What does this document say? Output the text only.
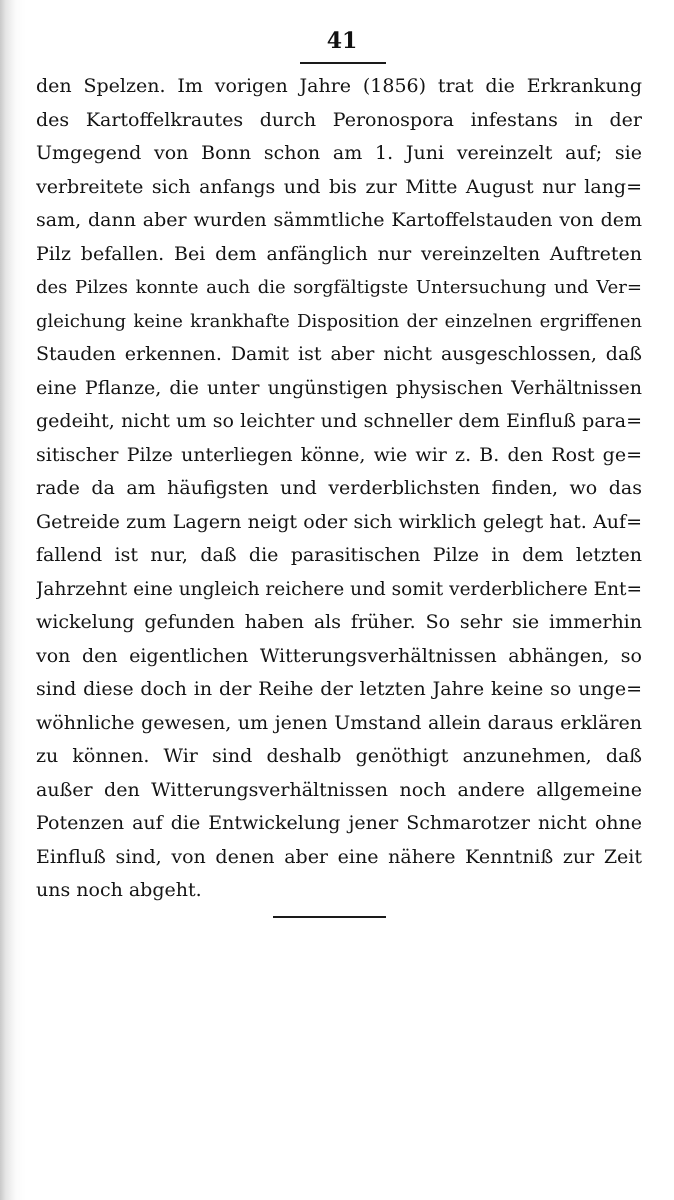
41
den Spelzen. Im vorigen Jahre (1856) trat die Erkrankung
des Kartoffelkrautes durch Peronospora infestans in der
Umgegend von Bonn schon am 1. Juni vereinzelt auf; sie
verbreitete sich anfangs und bis zur Mitte August nur lang=
sam, dann aber wurden sämmtliche Kartoffelstauden von dem
Pilz befallen. Bei dem anfänglich nur vereinzelten Auftreten
des Pilzes konnte auch die sorgfältigste Untersuchung und Ver=
gleichung keine krankhafte Disposition der einzelnen ergriffenen
Stauden erkennen. Damit ist aber nicht ausgeschlossen, daß
eine Pflanze, die unter ungünstigen physischen Verhältnissen
gedeiht, nicht um so leichter und schneller dem Einfluß para=
sitischer Pilze unterliegen könne, wie wir z. B. den Rost ge=
rade da am häufigsten und verderblichsten finden, wo das
Getreide zum Lagern neigt oder sich wirklich gelegt hat. Auf=
fallend ist nur, daß die parasitischen Pilze in dem letzten
Jahrzehnt eine ungleich reichere und somit verderblichere Ent=
wickelung gefunden haben als früher. So sehr sie immerhin
von den eigentlichen Witterungsverhältnissen abhängen, so
sind diese doch in der Reihe der letzten Jahre keine so unge=
wöhnliche gewesen, um jenen Umstand allein daraus erklären
zu können. Wir sind deshalb genöthigt anzunehmen, daß
außer den Witterungsverhältnissen noch andere allgemeine
Potenzen auf die Entwickelung jener Schmarotzer nicht ohne
Einfluß sind, von denen aber eine nähere Kenntniß zur Zeit
uns noch abgeht.
